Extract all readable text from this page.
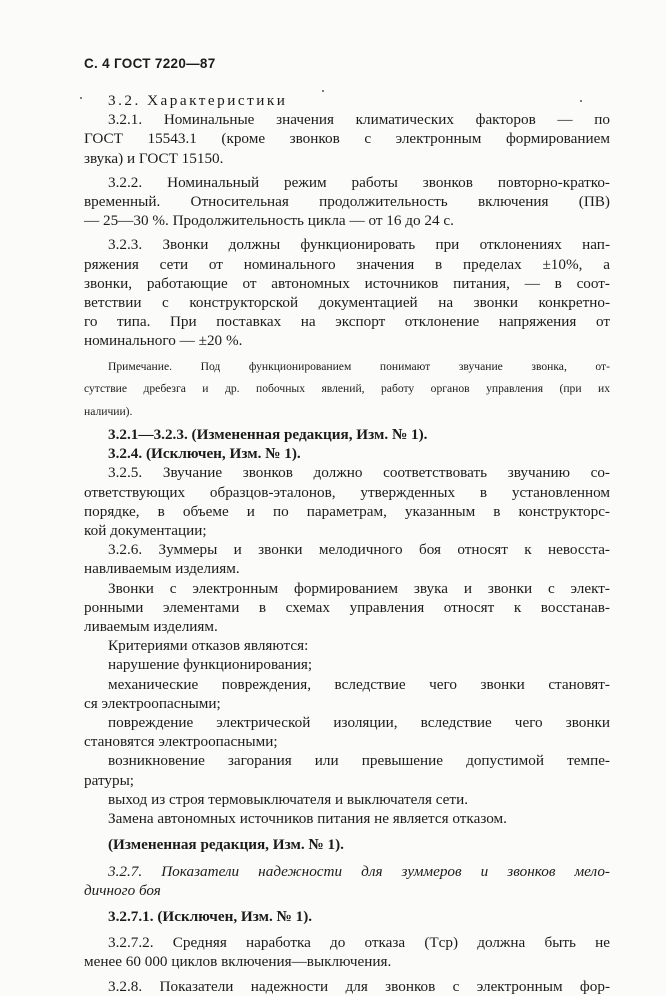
С. 4 ГОСТ 7220—87

3.2. Характеристики

3.2.1. Номинальные значения климатических факторов — по

ГОСТ 15543.1 (кроме звонков с электронным формированием

звука) и ГОСТ 15150.

3.2.2. Номинальный режим работы звонков повторно-кратко-

временный. Относительная продолжительность включения (ПВ)

— 25—30 %. Продолжительность цикла — от 16 до 24 с.

3.2.3. Звонки должны функционировать при отклонениях нап-

ряжения сети от номинального значения в пределах ±10%, а

звонки, работающие от автономных источников питания, — в соот-

ветствии с конструкторской документацией на звонки конкретно-

го типа. При поставках на экспорт отклонение напряжения от

номинального — ±20 %.

Примечание. Под функционированием понимают звучание звонка, от-

сутствие дребезга и др. побочных явлений, работу органов управления (при их

наличии).

3.2.1—3.2.3. (Измененная редакция, Изм. № 1).

3.2.4. (Исключен, Изм. № 1).

3.2.5. Звучание звонков должно соответствовать звучанию со-

ответствующих образцов-эталонов, утвержденных в установленном

порядке, в объеме и по параметрам, указанным в конструкторс-

кой документации;

3.2.6. Зуммеры и звонки мелодичного боя относят к невосста-

навливаемым изделиям.

Звонки с электронным формированием звука и звонки с элект-

ронными элементами в схемах управления относят к восстанав-

ливаемым изделиям.

Критериями отказов являются:

нарушение функционирования;

механические повреждения, вследствие чего звонки становят-

ся электроопасными;

повреждение электрической изоляции, вследствие чего звонки

становятся электроопасными;

возникновение загорания или превышение допустимой темпе-

ратуры;

выход из строя термовыключателя и выключателя сети.

Замена автономных источников питания не является отказом.

(Измененная редакция, Изм. № 1).

3.2.7. Показатели надежности для зуммеров и звонков мело-

дичного боя

3.2.7.1. (Исключен, Изм. № 1).

3.2.7.2. Средняя наработка до отказа (Tср) должна быть не

менее 60 000 циклов включения—выключения.

3.2.8. Показатели надежности для звонков с электронным фор-
